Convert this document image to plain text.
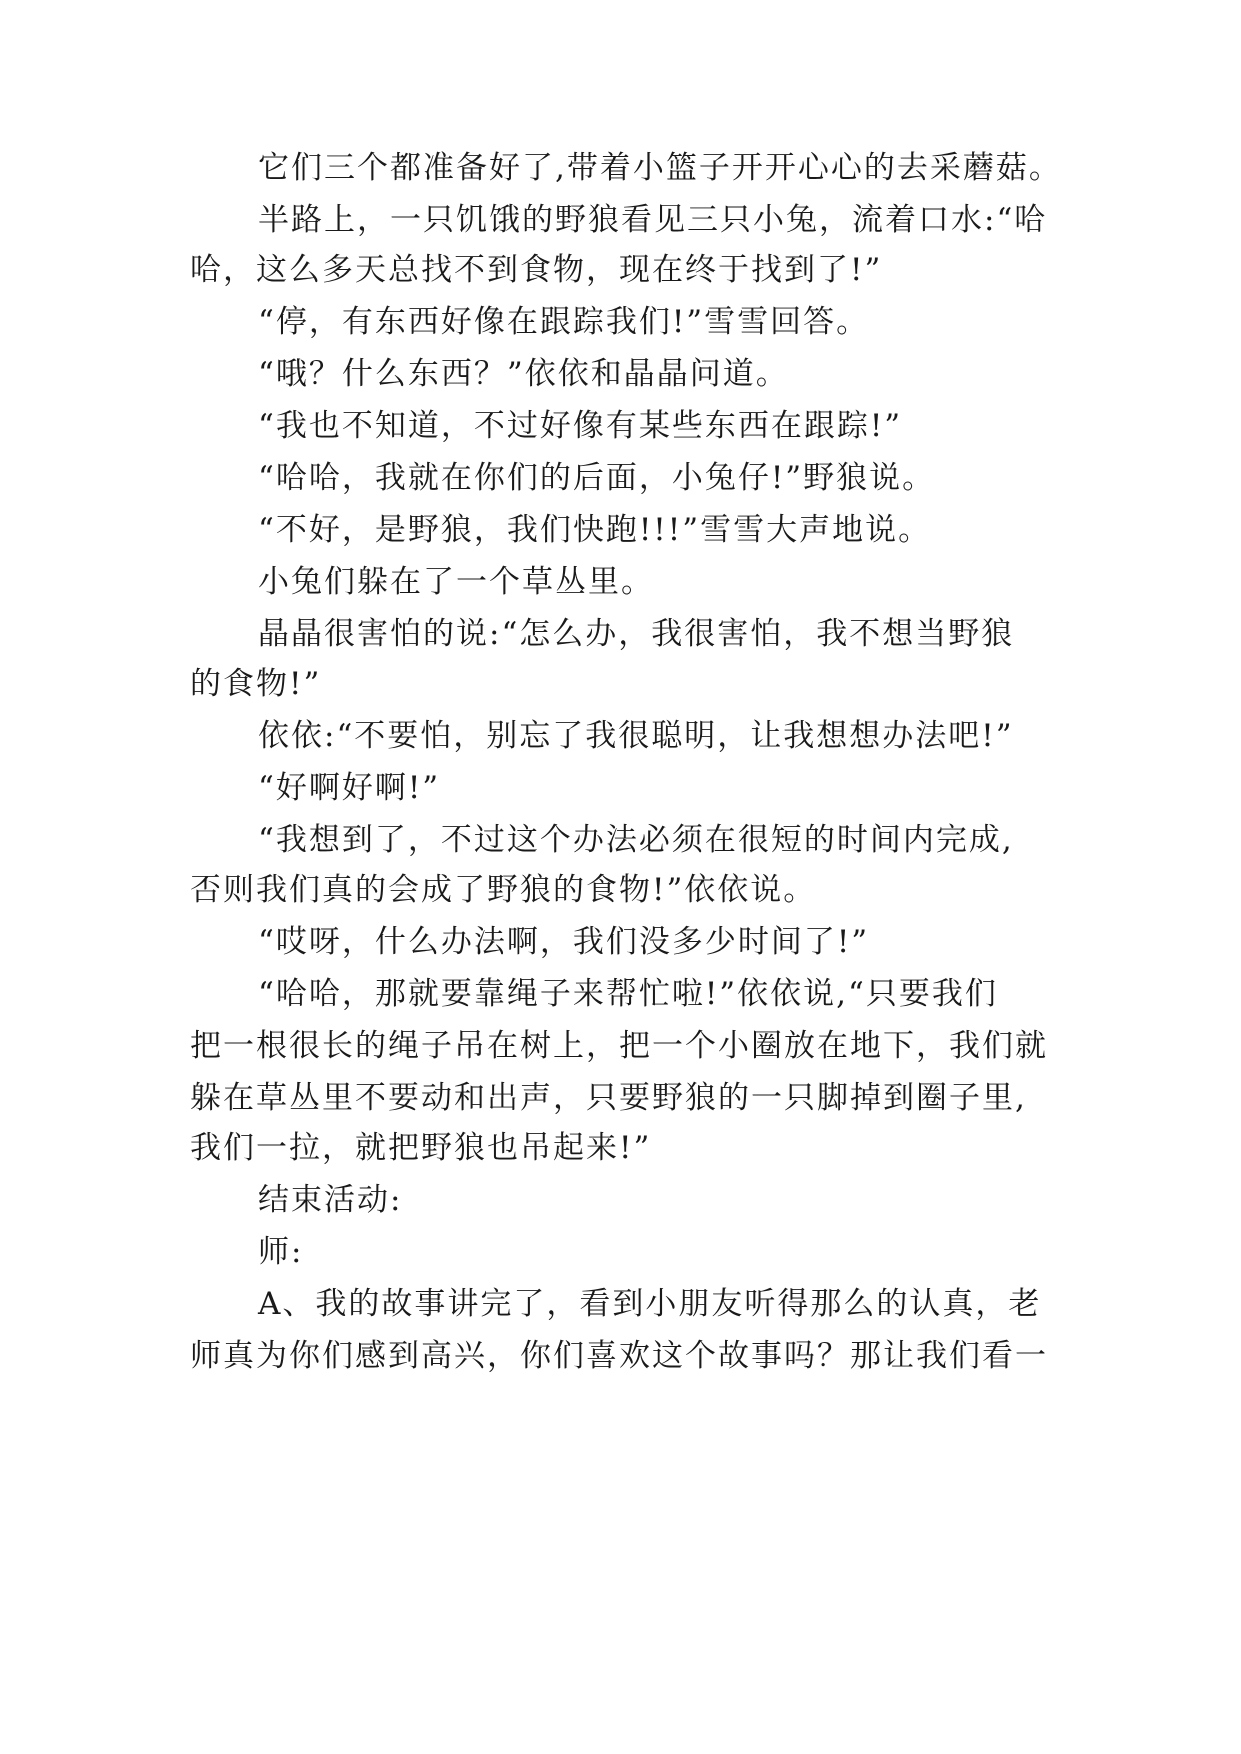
它们三个都准备好了,带着小篮子开开心心的去采蘑菇。
半路上，一只饥饿的野狼看见三只小兔，流着口水:“哈
哈，这么多天总找不到食物，现在终于找到了!”
“停，有东西好像在跟踪我们!”雪雪回答。
“哦？什么东西？”依依和晶晶问道。
“我也不知道，不过好像有某些东西在跟踪!”
“哈哈，我就在你们的后面，小兔仔!”野狼说。
“不好，是野狼，我们快跑!!!”雪雪大声地说。
小兔们躲在了一个草丛里。
晶晶很害怕的说:“怎么办，我很害怕，我不想当野狼
的食物!”
依依:“不要怕，别忘了我很聪明，让我想想办法吧!”
“好啊好啊!”
“我想到了，不过这个办法必须在很短的时间内完成,
否则我们真的会成了野狼的食物!”依依说。
“哎呀，什么办法啊，我们没多少时间了!”
“哈哈，那就要靠绳子来帮忙啦!”依依说,“只要我们
把一根很长的绳子吊在树上，把一个小圈放在地下，我们就
躲在草丛里不要动和出声，只要野狼的一只脚掉到圈子里,
我们一拉，就把野狼也吊起来!”
结束活动:
师:
A、我的故事讲完了，看到小朋友听得那么的认真，老
师真为你们感到高兴，你们喜欢这个故事吗？那让我们看一
